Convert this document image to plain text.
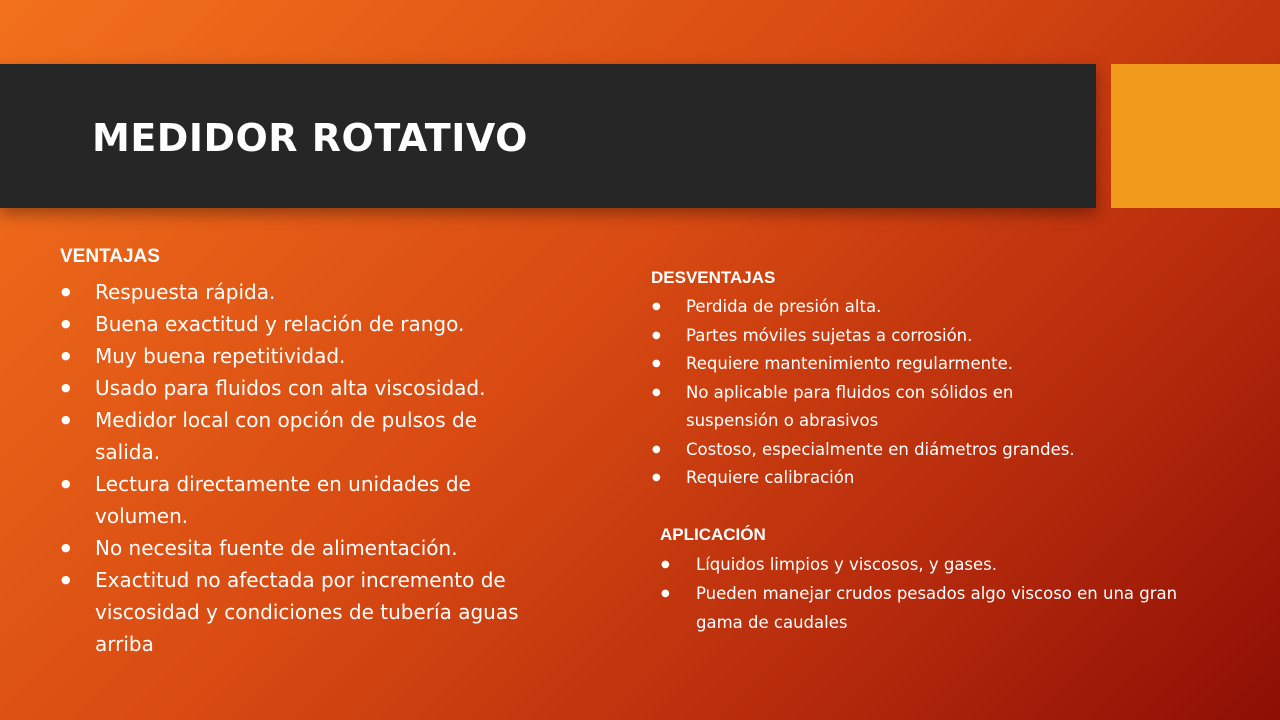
MEDIDOR ROTATIVO

VENTAJAS

● Respuesta rápida.
● Buena exactitud y relación de rango.
● Muy buena repetitividad.
● Usado para fluidos con alta viscosidad.
● Medidor local con opción de pulsos de salida.
● Lectura directamente en unidades de volumen.
● No necesita fuente de alimentación.
● Exactitud no afectada por incremento de viscosidad y condiciones de tubería aguas arriba

DESVENTAJAS

● Perdida de presión alta.
● Partes móviles sujetas a corrosión.
● Requiere mantenimiento regularmente.
● No aplicable para fluidos con sólidos en suspensión o abrasivos
● Costoso, especialmente en diámetros grandes.
● Requiere calibración

APLICACIÓN

● Líquidos limpios y viscosos, y gases.
● Pueden manejar crudos pesados algo viscoso en una gran gama de caudales
